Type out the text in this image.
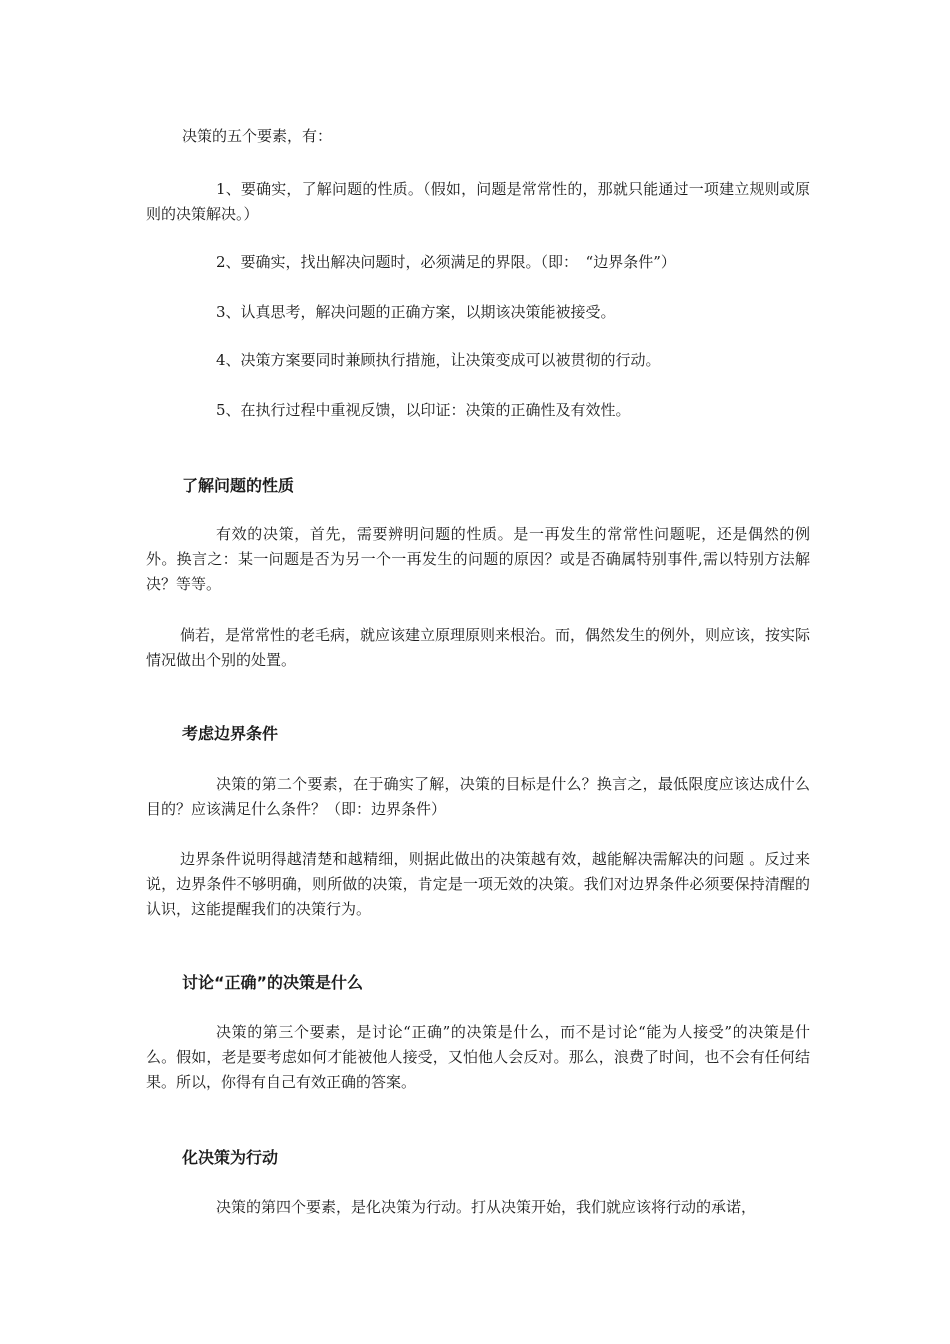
决策的五个要素，有：

1、要确实，了解问题的性质。（假如，问题是常常性的，那就只能通过一项建立规则或原则的决策解决。）

2、要确实，找出解决问题时，必须满足的界限。（即：　“边界条件”）

3、认真思考，解决问题的正确方案，以期该决策能被接受。

4、决策方案要同时兼顾执行措施，让决策变成可以被贯彻的行动。

5、在执行过程中重视反馈，以印证：决策的正确性及有效性。

了解问题的性质

有效的决策，首先，需要辨明问题的性质。是一再发生的常常性问题呢，还是偶然的例外。换言之：某一问题是否为另一个一再发生的问题的原因？或是否确属特别事件,需以特别方法解决？等等。

倘若，是常常性的老毛病，就应该建立原理原则来根治。而，偶然发生的例外，则应该，按实际情况做出个别的处置。

考虑边界条件

决策的第二个要素，在于确实了解，决策的目标是什么？换言之，最低限度应该达成什么目的？应该满足什么条件？（即：边界条件）

边界条件说明得越清楚和越精细，则据此做出的决策越有效，越能解决需解决的问题 。反过来说，边界条件不够明确，则所做的决策，肯定是一项无效的决策。我们对边界条件必须要保持清醒的认识，这能提醒我们的决策行为。

讨论“正确”的决策是什么

决策的第三个要素，是讨论“正确”的决策是什么，而不是讨论“能为人接受”的决策是什么。假如，老是要考虑如何才能被他人接受，又怕他人会反对。那么，浪费了时间，也不会有任何结果。所以，你得有自己有效正确的答案。

化决策为行动

决策的第四个要素，是化决策为行动。打从决策开始，我们就应该将行动的承诺，
